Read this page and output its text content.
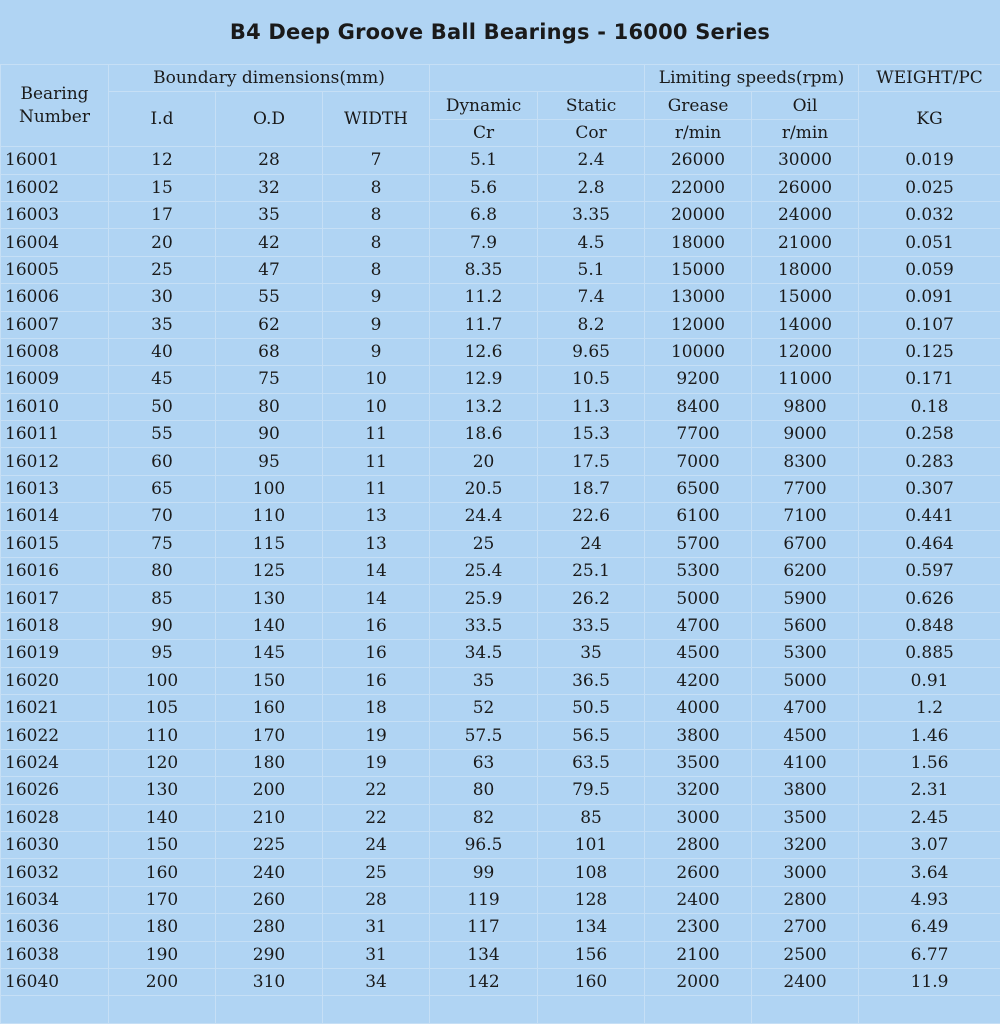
B4 Deep Groove Ball Bearings - 16000 Series
Bearing Number	Boundary dimensions(mm)					Limiting speeds(rpm)		WEIGHT/PC
	I.d	O.D	WIDTH	Dynamic	Static	Grease	Oil	KG
				Cr	Cor	r/min	r/min	
16001	12	28	7	5.1	2.4	26000	30000	0.019
16002	15	32	8	5.6	2.8	22000	26000	0.025
16003	17	35	8	6.8	3.35	20000	24000	0.032
16004	20	42	8	7.9	4.5	18000	21000	0.051
16005	25	47	8	8.35	5.1	15000	18000	0.059
16006	30	55	9	11.2	7.4	13000	15000	0.091
16007	35	62	9	11.7	8.2	12000	14000	0.107
16008	40	68	9	12.6	9.65	10000	12000	0.125
16009	45	75	10	12.9	10.5	9200	11000	0.171
16010	50	80	10	13.2	11.3	8400	9800	0.18
16011	55	90	11	18.6	15.3	7700	9000	0.258
16012	60	95	11	20	17.5	7000	8300	0.283
16013	65	100	11	20.5	18.7	6500	7700	0.307
16014	70	110	13	24.4	22.6	6100	7100	0.441
16015	75	115	13	25	24	5700	6700	0.464
16016	80	125	14	25.4	25.1	5300	6200	0.597
16017	85	130	14	25.9	26.2	5000	5900	0.626
16018	90	140	16	33.5	33.5	4700	5600	0.848
16019	95	145	16	34.5	35	4500	5300	0.885
16020	100	150	16	35	36.5	4200	5000	0.91
16021	105	160	18	52	50.5	4000	4700	1.2
16022	110	170	19	57.5	56.5	3800	4500	1.46
16024	120	180	19	63	63.5	3500	4100	1.56
16026	130	200	22	80	79.5	3200	3800	2.31
16028	140	210	22	82	85	3000	3500	2.45
16030	150	225	24	96.5	101	2800	3200	3.07
16032	160	240	25	99	108	2600	3000	3.64
16034	170	260	28	119	128	2400	2800	4.93
16036	180	280	31	117	134	2300	2700	6.49
16038	190	290	31	134	156	2100	2500	6.77
16040	200	310	34	142	160	2000	2400	11.9
